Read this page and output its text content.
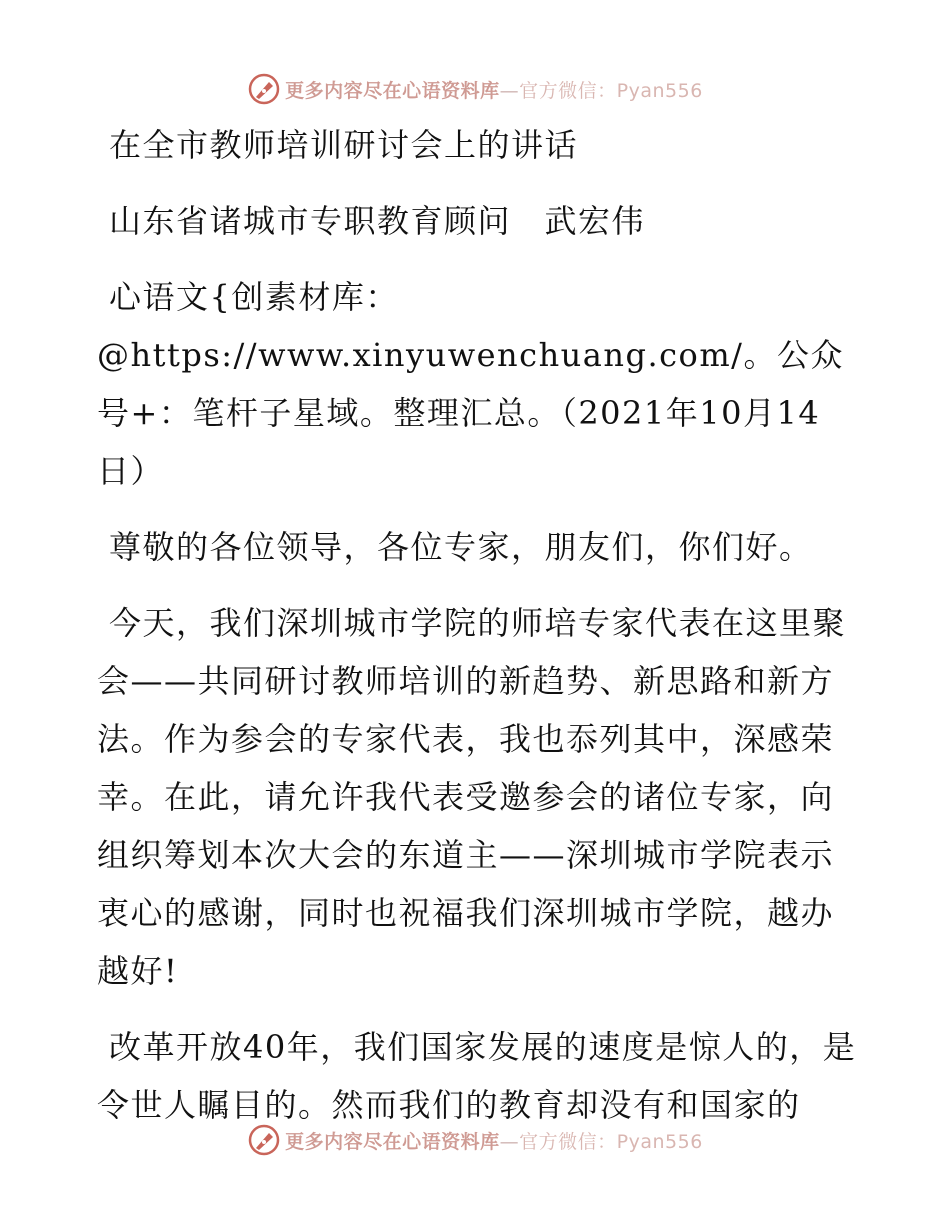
更多内容尽在心语资料库—官方微信：Pyan556

在全市教师培训研讨会上的讲话

山东省诸城市专职教育顾问　武宏伟

心语文{创素材库：@https://www.xinyuwenchuang.com/。公众号+：笔杆子星域。整理汇总。（2021年10月14日）

尊敬的各位领导，各位专家，朋友们，你们好。

今天，我们深圳城市学院的师培专家代表在这里聚会——共同研讨教师培训的新趋势、新思路和新方法。作为参会的专家代表，我也忝列其中，深感荣幸。在此，请允许我代表受邀参会的诸位专家，向组织筹划本次大会的东道主——深圳城市学院表示衷心的感谢，同时也祝福我们深圳城市学院，越办越好!

改革开放40年，我们国家发展的速度是惊人的，是令世人瞩目的。然而我们的教育却没有和国家的

更多内容尽在心语资料库—官方微信：Pyan556
